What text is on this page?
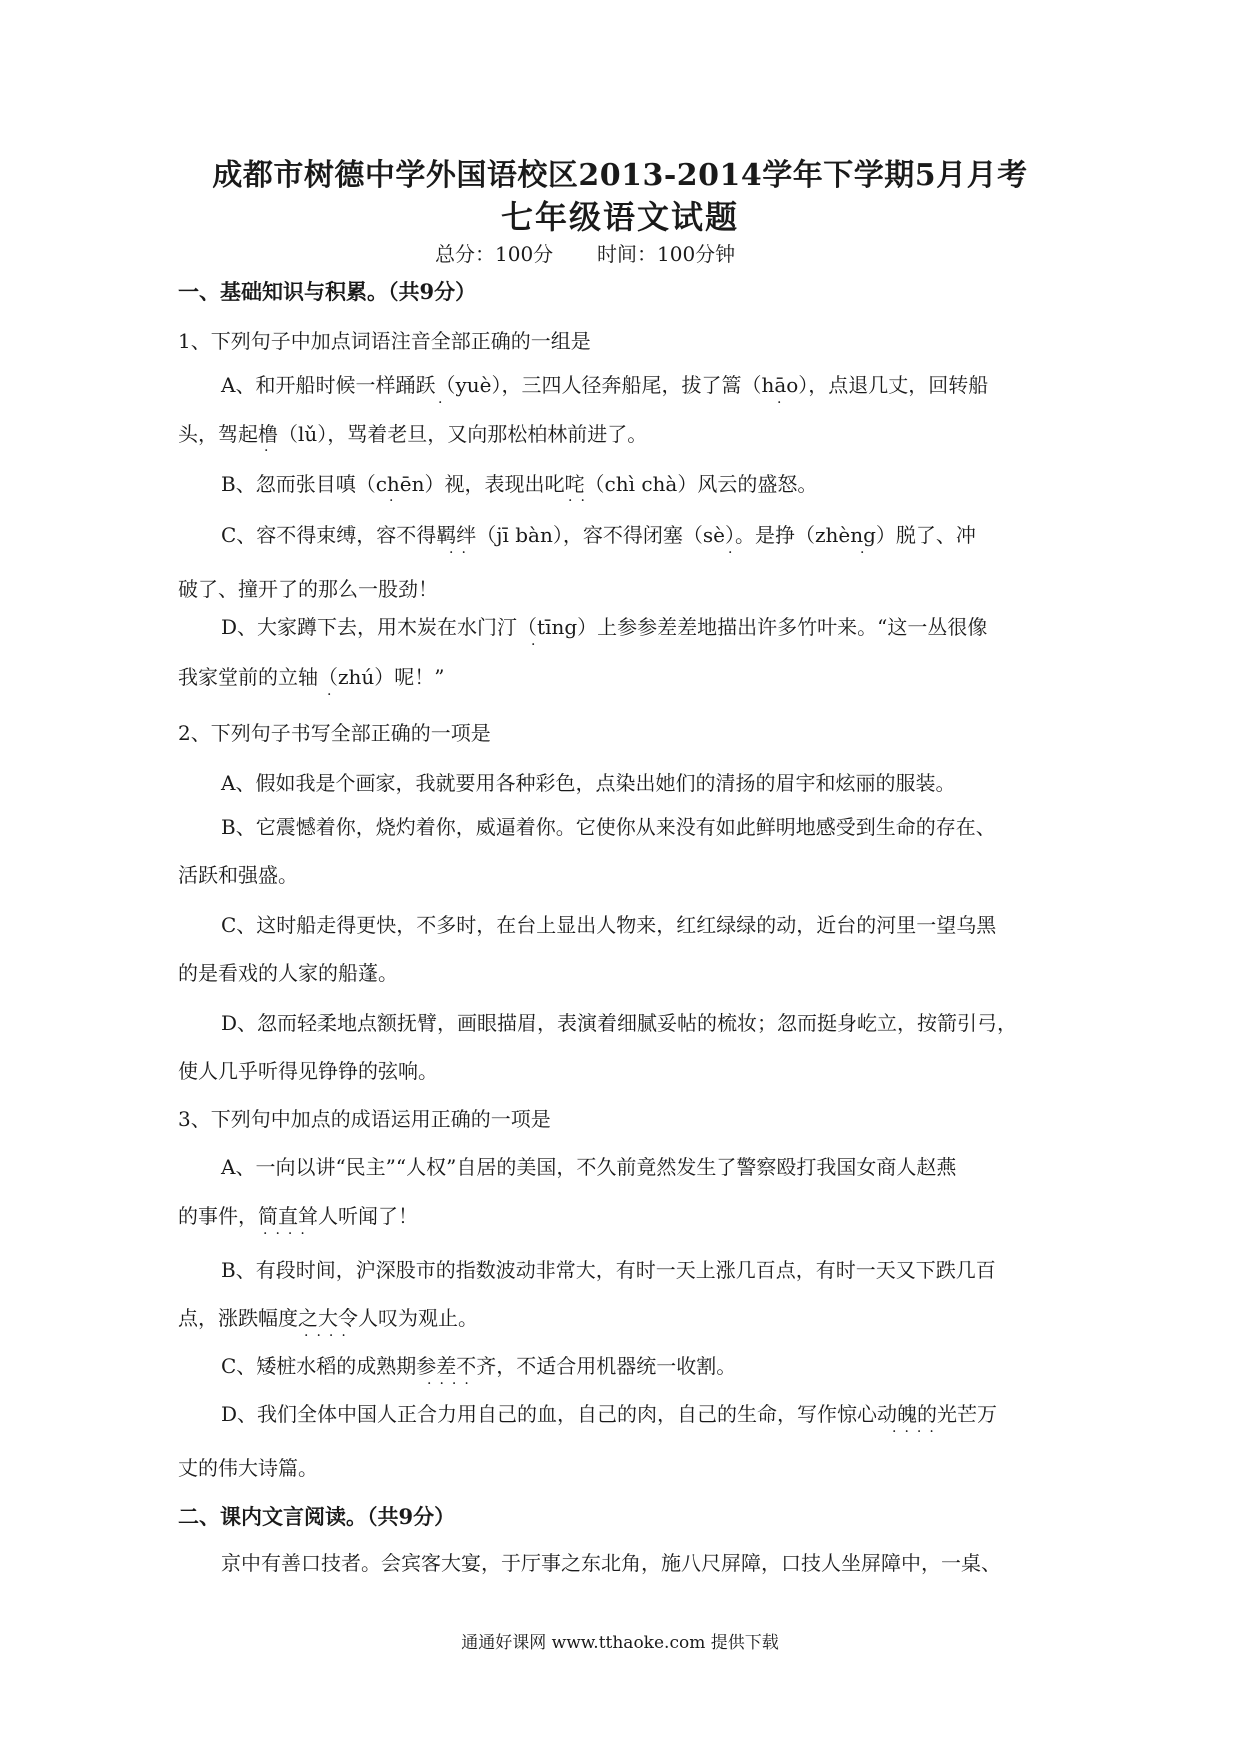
成都市树德中学外国语校区2013-2014学年下学期5月月考
七年级语文试题
总分：100分 时间：100分钟
一、基础知识与积累。（共9分）
1、下列句子中加点词语注音全部正确的一组是
A、和开船时候一样踊跃（yuè），三四人径奔船尾，拔了篙（hāo），点退几丈，回转船
头，驾起橹（lǔ），骂着老旦，又向那松柏林前进了。
B、忽而张目嗔（chēn）视，表现出叱咤（chì chà）风云的盛怒。
C、容不得束缚，容不得羁绊（jī bàn），容不得闭塞（sè）。是挣（zhèng）脱了、冲
破了、撞开了的那么一股劲！
D、大家蹲下去，用木炭在水门汀（tīng）上参参差差地描出许多竹叶来。“这一丛很像
我家堂前的立轴（zhú）呢！”
2、下列句子书写全部正确的一项是
A、假如我是个画家，我就要用各种彩色，点染出她们的清扬的眉宇和炫丽的服装。
B、它震憾着你，烧灼着你，威逼着你。它使你从来没有如此鲜明地感受到生命的存在、
活跃和强盛。
C、这时船走得更快，不多时，在台上显出人物来，红红绿绿的动，近台的河里一望乌黑
的是看戏的人家的船蓬。
D、忽而轻柔地点额抚臂，画眼描眉，表演着细腻妥帖的梳妆；忽而挺身屹立，按箭引弓，
使人几乎听得见铮铮的弦响。
3、下列句中加点的成语运用正确的一项是
A、一向以讲“民主”“人权”自居的美国，不久前竟然发生了警察殴打我国女商人赵燕
的事件，简直耸人听闻了！
B、有段时间，沪深股市的指数波动非常大，有时一天上涨几百点，有时一天又下跌几百
点，涨跌幅度之大令人叹为观止。
C、矮桩水稻的成熟期参差不齐，不适合用机器统一收割。
D、我们全体中国人正合力用自己的血，自己的肉，自己的生命，写作惊心动魄的光芒万
丈的伟大诗篇。
·	·
·
·	··
··	·	·
·
·
····
····
····
····
二、课内文言阅读。（共9分）
京中有善口技者。会宾客大宴，于厅事之东北角，施八尺屏障，口技人坐屏障中，一桌、
通通好课网 www.tthaoke.com 提供下载
